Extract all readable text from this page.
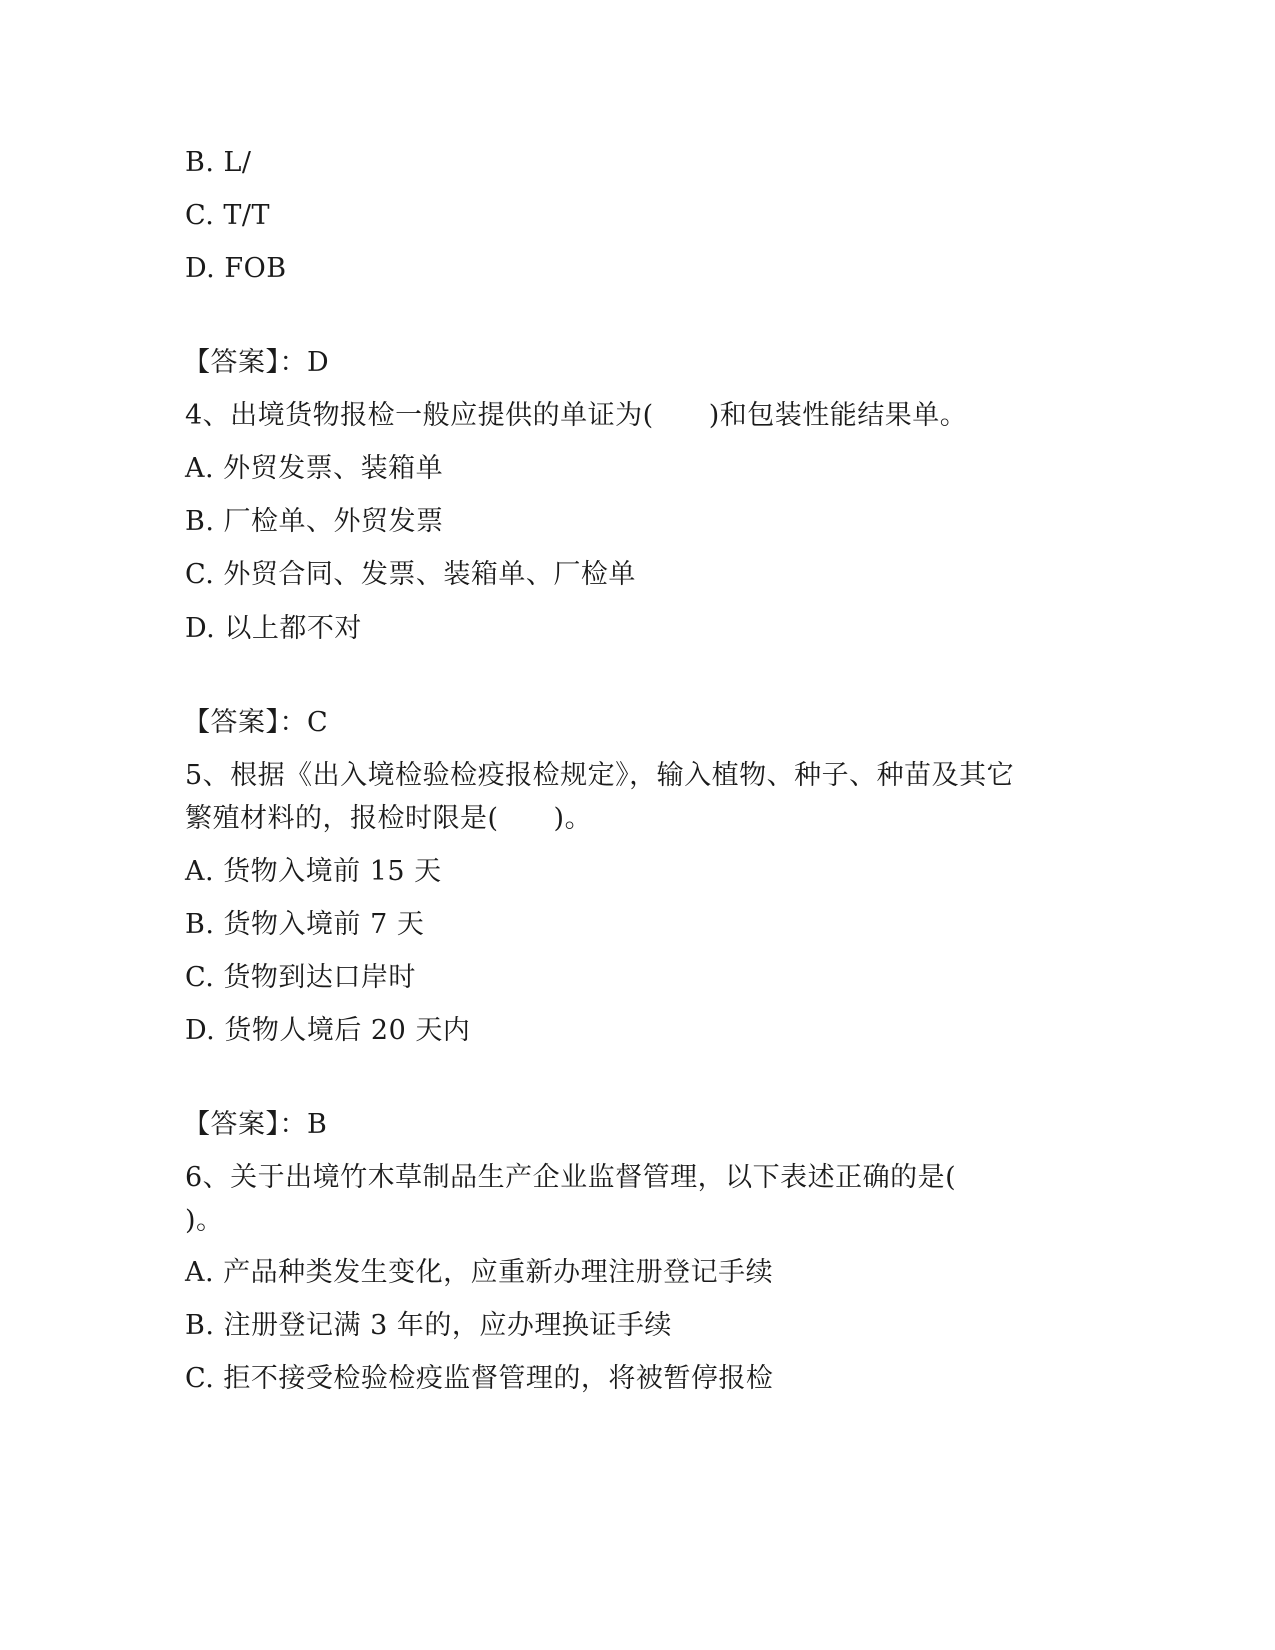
B. L/
C. T/T
D. FOB
【答案】：D
4、出境货物报检一般应提供的单证为(　　)和包装性能结果单。
A. 外贸发票、装箱单
B. 厂检单、外贸发票
C. 外贸合同、发票、装箱单、厂检单
D. 以上都不对
【答案】：C
5、根据《出入境检验检疫报检规定》，输入植物、种子、种苗及其它
繁殖材料的，报检时限是(　　)。
A. 货物入境前 15 天
B. 货物入境前 7 天
C. 货物到达口岸时
D. 货物人境后 20 天内
【答案】：B
6、关于出境竹木草制品生产企业监督管理，以下表述正确的是(
)。
A. 产品种类发生变化，应重新办理注册登记手续
B. 注册登记满 3 年的，应办理换证手续
C. 拒不接受检验检疫监督管理的，将被暂停报检
